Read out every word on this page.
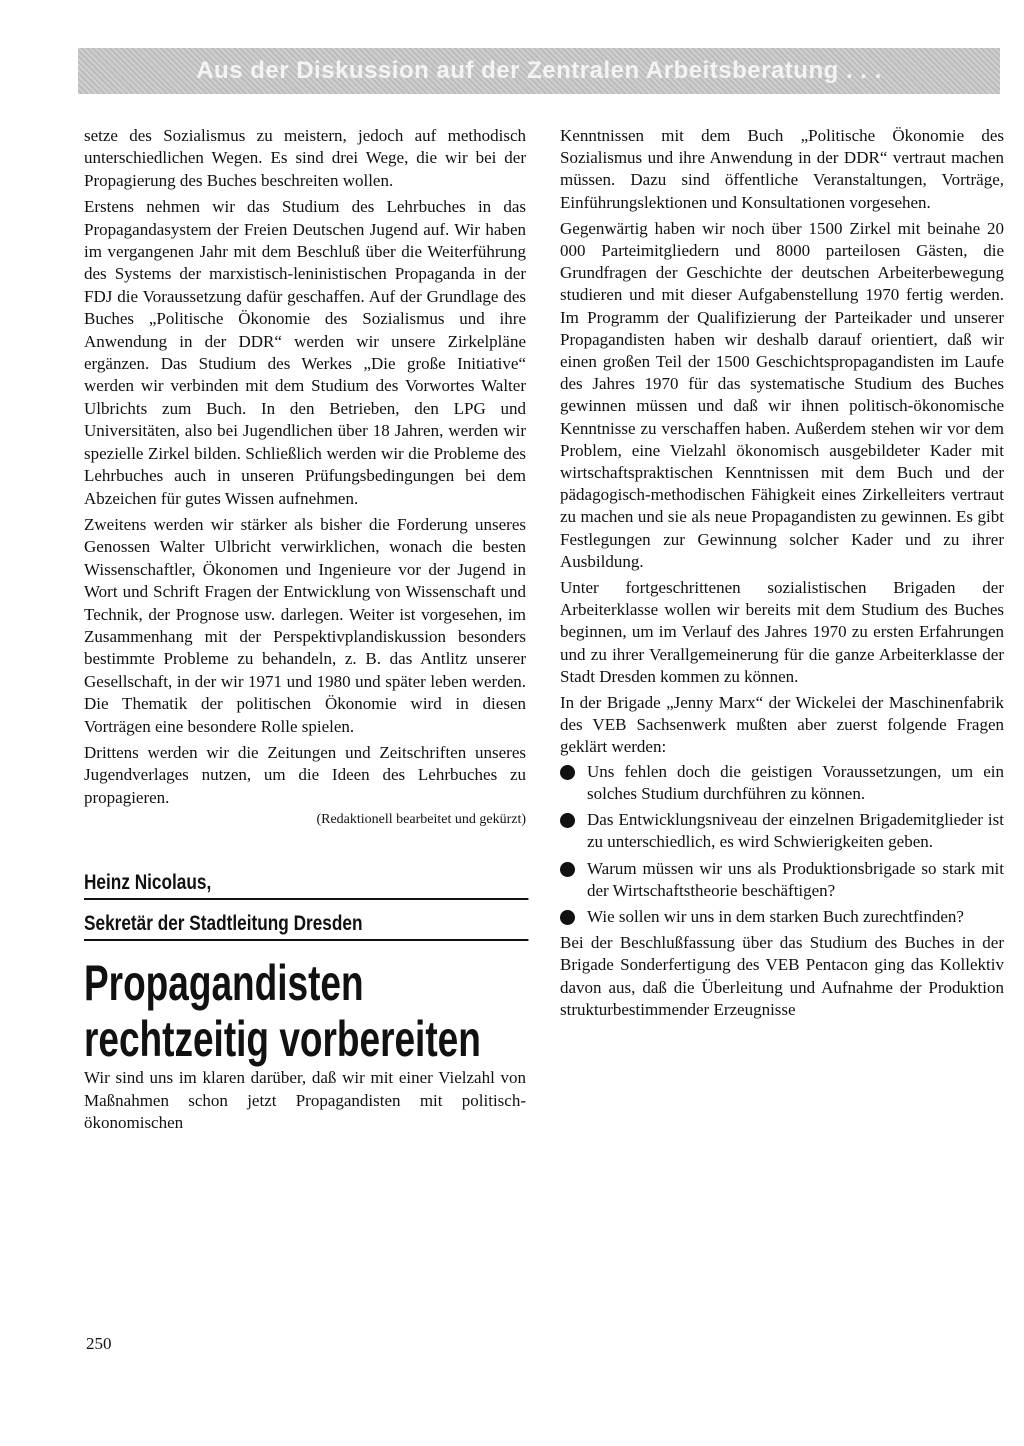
Aus der Diskussion auf der Zentralen Arbeitsberatung . . .

setze des Sozialismus zu meistern, jedoch auf methodisch unterschiedlichen Wegen. Es sind drei Wege, die wir bei der Propagierung des Buches beschreiten wollen.

Erstens nehmen wir das Studium des Lehrbuches in das Propagandasystem der Freien Deutschen Jugend auf. Wir haben im vergangenen Jahr mit dem Beschluß über die Weiterführung des Systems der marxistisch-leninistischen Propaganda in der FDJ die Voraussetzung dafür geschaffen. Auf der Grundlage des Buches „Politische Ökonomie des Sozialismus und ihre Anwendung in der DDR“ werden wir unsere Zirkelpläne ergänzen. Das Studium des Werkes „Die große Initiative“ werden wir verbinden mit dem Studium des Vorwortes Walter Ulbrichts zum Buch. In den Betrieben, den LPG und Universitäten, also bei Jugendlichen über 18 Jahren, werden wir spezielle Zirkel bilden. Schließlich werden wir die Probleme des Lehrbuches auch in unseren Prüfungsbedingungen bei dem Abzeichen für gutes Wissen aufnehmen.

Zweitens werden wir stärker als bisher die Forderung unseres Genossen Walter Ulbricht verwirklichen, wonach die besten Wissenschaftler, Ökonomen und Ingenieure vor der Jugend in Wort und Schrift Fragen der Entwicklung von Wissenschaft und Technik, der Prognose usw. darlegen. Weiter ist vorgesehen, im Zusammenhang mit der Perspektivplandiskussion besonders bestimmte Probleme zu behandeln, z. B. das Antlitz unserer Gesellschaft, in der wir 1971 und 1980 und später leben werden. Die Thematik der politischen Ökonomie wird in diesen Vorträgen eine besondere Rolle spielen.

Drittens werden wir die Zeitungen und Zeitschriften unseres Jugendverlages nutzen, um die Ideen des Lehrbuches zu propagieren.

(Redaktionell bearbeitet und gekürzt)
Heinz Nicolaus,
Sekretär der Stadtleitung Dresden
Propagandisten
rechtzeitig vorbereiten

Wir sind uns im klaren darüber, daß wir mit einer Vielzahl von Maßnahmen schon jetzt Propagandisten mit politisch-ökonomischen

Kenntnissen mit dem Buch „Politische Ökonomie des Sozialismus und ihre Anwendung in der DDR“ vertraut machen müssen. Dazu sind öffentliche Veranstaltungen, Vorträge, Einführungslektionen und Konsultationen vorgesehen.

Gegenwärtig haben wir noch über 1500 Zirkel mit beinahe 20 000 Parteimitgliedern und 8000 parteilosen Gästen, die Grundfragen der Geschichte der deutschen Arbeiterbewegung studieren und mit dieser Aufgabenstellung 1970 fertig werden. Im Programm der Qualifizierung der Parteikader und unserer Propagandisten haben wir deshalb darauf orientiert, daß wir einen großen Teil der 1500 Geschichtspropagandisten im Laufe des Jahres 1970 für das systematische Studium des Buches gewinnen müssen und daß wir ihnen politisch-ökonomische Kenntnisse zu verschaffen haben. Außerdem stehen wir vor dem Problem, eine Vielzahl ökonomisch ausgebildeter Kader mit wirtschaftspraktischen Kenntnissen mit dem Buch und der pädagogisch-methodischen Fähigkeit eines Zirkelleiters vertraut zu machen und sie als neue Propagandisten zu gewinnen. Es gibt Festlegungen zur Gewinnung solcher Kader und zu ihrer Ausbildung.

Unter fortgeschrittenen sozialistischen Brigaden der Arbeiterklasse wollen wir bereits mit dem Studium des Buches beginnen, um im Verlauf des Jahres 1970 zu ersten Erfahrungen und zu ihrer Verallgemeinerung für die ganze Arbeiterklasse der Stadt Dresden kommen zu können.

In der Brigade „Jenny Marx“ der Wickelei der Maschinenfabrik des VEB Sachsenwerk mußten aber zuerst folgende Fragen geklärt werden:

Uns fehlen doch die geistigen Voraussetzungen, um ein solches Studium durchführen zu können.
Das Entwicklungsniveau der einzelnen Brigademitglieder ist zu unterschiedlich, es wird Schwierigkeiten geben.
Warum müssen wir uns als Produktionsbrigade so stark mit der Wirtschaftstheorie beschäftigen?
Wie sollen wir uns in dem starken Buch zurechtfinden?

Bei der Beschlußfassung über das Studium des Buches in der Brigade Sonderfertigung des VEB Pentacon ging das Kollektiv davon aus, daß die Überleitung und Aufnahme der Produktion strukturbestimmender Erzeugnisse

250
